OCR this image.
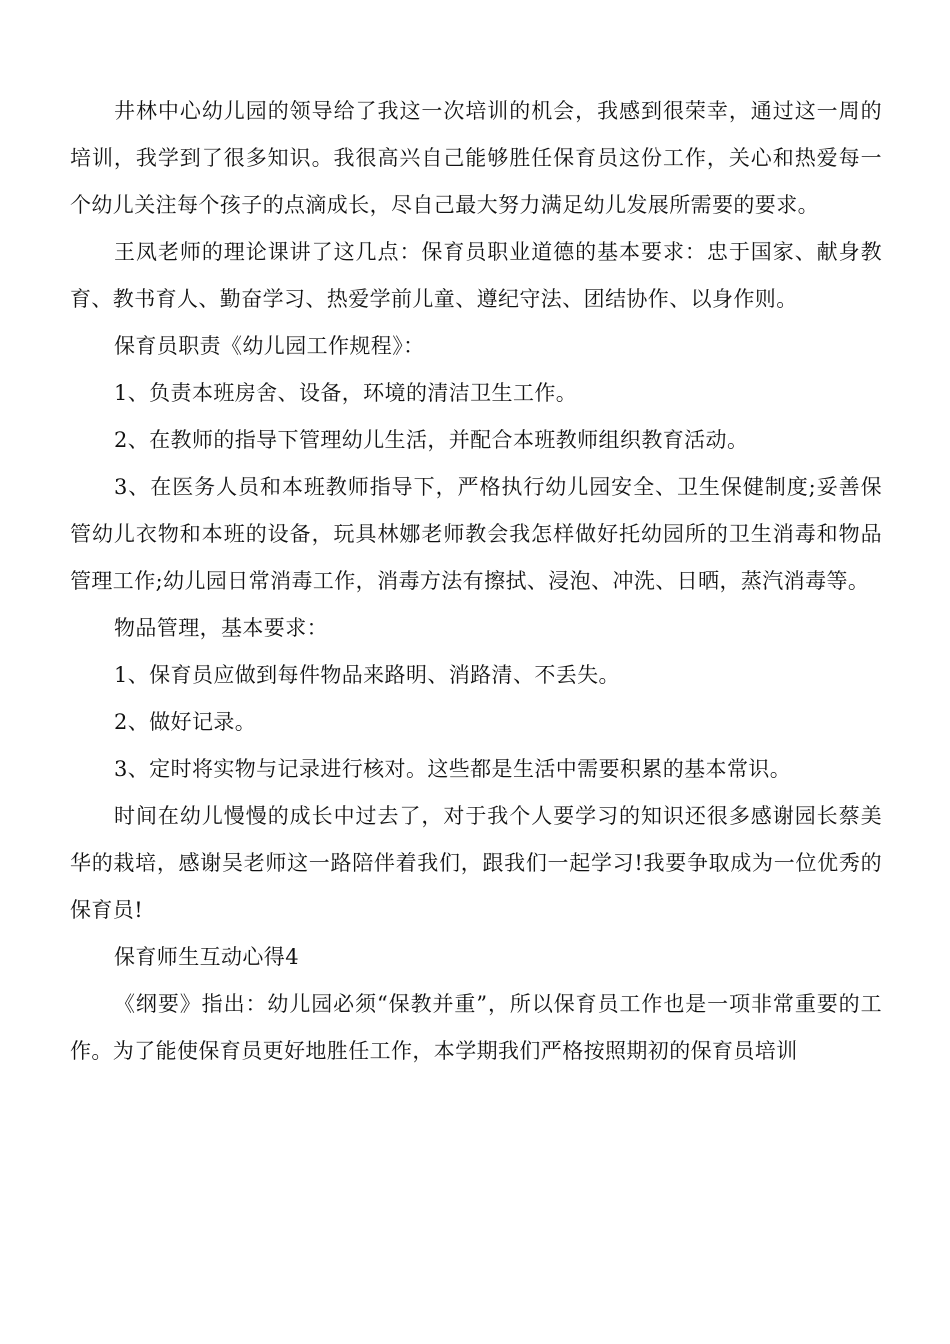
井林中心幼儿园的领导给了我这一次培训的机会，我感到很荣幸，通过这一周的培训，我学到了很多知识。我很高兴自己能够胜任保育员这份工作，关心和热爱每一个幼儿关注每个孩子的点滴成长，尽自己最大努力满足幼儿发展所需要的要求。

王凤老师的理论课讲了这几点：保育员职业道德的基本要求：忠于国家、献身教育、教书育人、勤奋学习、热爱学前儿童、遵纪守法、团结协作、以身作则。

保育员职责《幼儿园工作规程》：

1、负责本班房舍、设备，环境的清洁卫生工作。

2、在教师的指导下管理幼儿生活，并配合本班教师组织教育活动。

3、在医务人员和本班教师指导下，严格执行幼儿园安全、卫生保健制度;妥善保管幼儿衣物和本班的设备，玩具林娜老师教会我怎样做好托幼园所的卫生消毒和物品管理工作;幼儿园日常消毒工作，消毒方法有擦拭、浸泡、冲洗、日晒，蒸汽消毒等。

物品管理，基本要求：

1、保育员应做到每件物品来路明、消路清、不丢失。

2、做好记录。

3、定时将实物与记录进行核对。这些都是生活中需要积累的基本常识。

时间在幼儿慢慢的成长中过去了，对于我个人要学习的知识还很多感谢园长蔡美华的栽培，感谢吴老师这一路陪伴着我们，跟我们一起学习!我要争取成为一位优秀的保育员!

保育师生互动心得4

《纲要》指出：幼儿园必须“保教并重”，所以保育员工作也是一项非常重要的工作。为了能使保育员更好地胜任工作，本学期我们严格按照期初的保育员培训
